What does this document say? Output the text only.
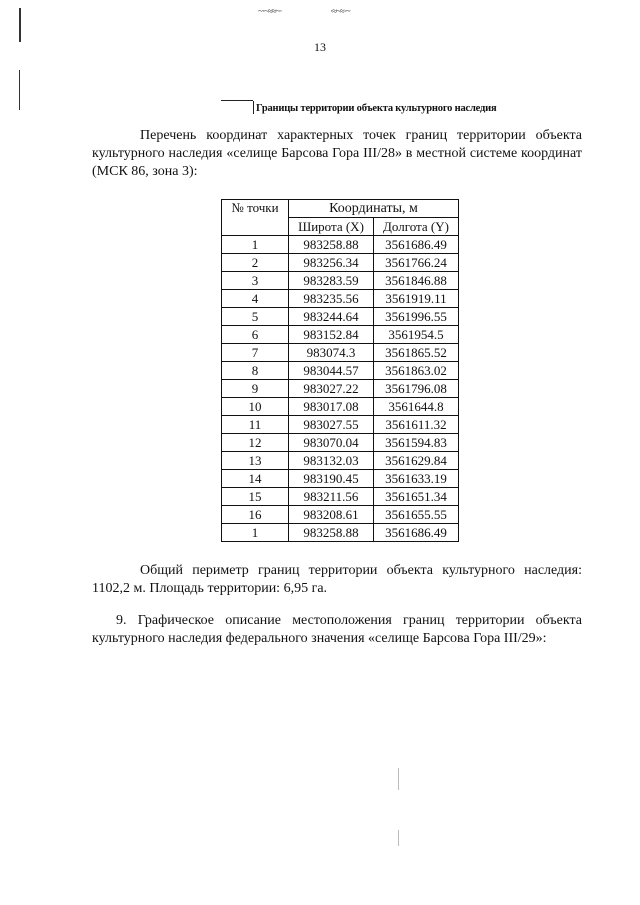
~·~≈≈~·	·≈~≈·~
13
Границы территории объекта культурного наследия

Перечень координат характерных точек границ территории объекта культурного наследия «селище Барсова Гора III/28» в местной системе координат (МСК 86, зона 3):

№ точки	Координаты, м	
	Широта (X)	Долгота (Y)
1	983258.88	3561686.49
2	983256.34	3561766.24
3	983283.59	3561846.88
4	983235.56	3561919.11
5	983244.64	3561996.55
6	983152.84	3561954.5
7	983074.3	3561865.52
8	983044.57	3561863.02
9	983027.22	3561796.08
10	983017.08	3561644.8
11	983027.55	3561611.32
12	983070.04	3561594.83
13	983132.03	3561629.84
14	983190.45	3561633.19
15	983211.56	3561651.34
16	983208.61	3561655.55
1	983258.88	3561686.49

Общий периметр границ территории объекта культурного наследия: 1102,2 м. Площадь территории: 6,95 га.

9. Графическое описание местоположения границ территории объекта культурного наследия федерального значения «селище Барсова Гора III/29»:
